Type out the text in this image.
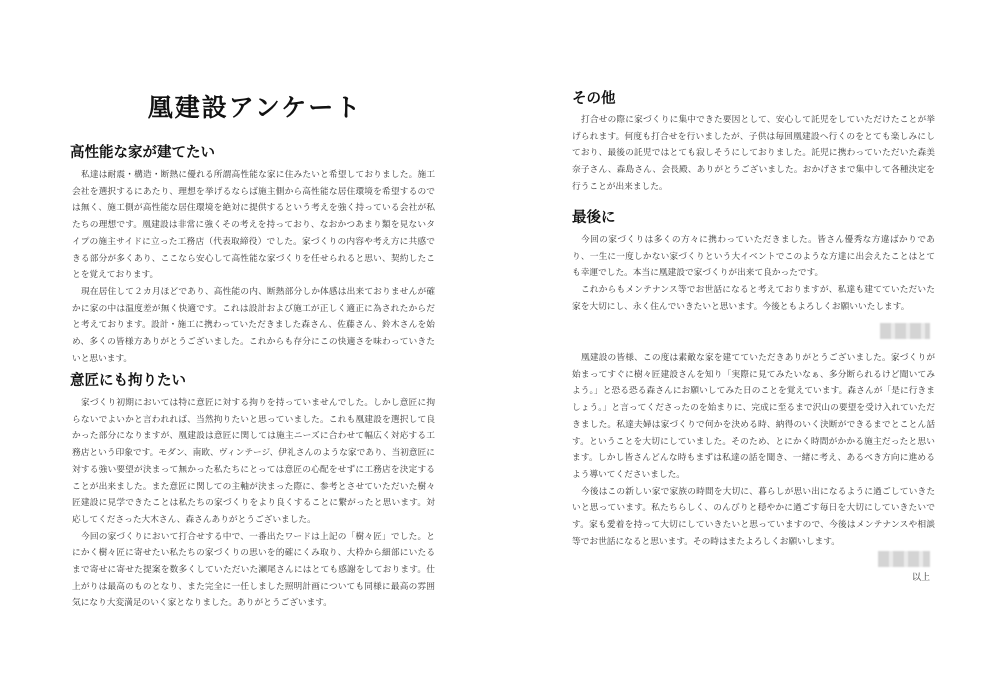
凰建設アンケート
高性能な家が建てたい

私達は耐震・構造・断熱に優れる所謂高性能な家に住みたいと希望しておりました。施工会社を選択するにあたり、理想を挙げるならば施主側から高性能な居住環境を希望するのでは無く、施工側が高性能な居住環境を絶対に提供するという考えを強く持っている会社が私たちの理想です。凰建設は非常に強くその考えを持っており、なおかつあまり類を見ないタイプの施主サイドに立った工務店（代表取締役）でした。家づくりの内容や考え方に共感できる部分が多くあり、ここなら安心して高性能な家づくりを任せられると思い、契約したことを覚えております。

現在居住して２カ月ほどであり、高性能の内、断熱部分しか体感は出来ておりませんが確かに家の中は温度差が無く快適です。これは設計および施工が正しく適正に為されたからだと考えております。設計・施工に携わっていただきました森さん、佐藤さん、鈴木さんを始め、多くの皆様方ありがとうございました。これからも存分にこの快適さを味わっていきたいと思います。

意匠にも拘りたい

家づくり初期においては特に意匠に対する拘りを持っていませんでした。しかし意匠に拘らないでよいかと言われれば、当然拘りたいと思っていました。これも凰建設を選択して良かった部分になりますが、凰建設は意匠に関しては施主ニーズに合わせて幅広く対応する工務店という印象です。モダン、南欧、ヴィンテージ、伊礼さんのような家であり、当初意匠に対する強い要望が決まって無かった私たちにとっては意匠の心配をせずに工務店を決定することが出来ました。また意匠に関しての主軸が決まった際に、参考とさせていただいた樹々匠建設に見学できたことは私たちの家づくりをより良くすることに繋がったと思います。対応してくださった大木さん、森さんありがとうございました。

今回の家づくりにおいて打合せする中で、一番出たワードは上記の「樹々匠」でした。とにかく樹々匠に寄せたい私たちの家づくりの思いを的確にくみ取り、大枠から細部にいたるまで寄せに寄せた提案を数多くしていただいた瀬尾さんにはとても感謝をしております。仕上がりは最高のものとなり、また完全に一任しました照明計画についても同様に最高の雰囲気になり大変満足のいく家となりました。ありがとうございます。

その他

打合せの際に家づくりに集中できた要因として、安心して託児をしていただけたことが挙げられます。何度も打合せを行いましたが、子供は毎回凰建設へ行くのをとても楽しみにしており、最後の託児ではとても寂しそうにしておりました。託児に携わっていただいた森美奈子さん、森島さん、会長殿、ありがとうございました。おかげさまで集中して各種決定を行うことが出来ました。

最後に

今回の家づくりは多くの方々に携わっていただきました。皆さん優秀な方違ばかりであり、一生に一度しかない家づくりという大イベントでこのような方達に出会えたことはとても幸運でした。本当に凰建設で家づくりが出来て良かったです。

これからもメンテナンス等でお世話になると考えておりますが、私達も建てていただいた家を大切にし、永く住んでいきたいと思います。今後ともよろしくお願いいたします。

凰建設の皆様、この度は素敵な家を建てていただきありがとうございました。家づくりが始まってすぐに樹々匠建設さんを知り「実際に見てみたいなぁ、多分断られるけど聞いてみよう。」と恐る恐る森さんにお願いしてみた日のことを覚えています。森さんが「是に行きましょう。」と言ってくださったのを始まりに、完成に至るまで沢山の要望を受け入れていただきました。私達夫婦は家づくりで何かを決める時、納得のいく決断ができるまでとことん話す。ということを大切にしていました。そのため、とにかく時間がかかる施主だったと思います。しかし皆さんどんな時もまずは私達の話を聞き、一緒に考え、あるべき方向に進めるよう導いてくださいました。

今後はこの新しい家で家族の時間を大切に、暮らしが思い出になるように過ごしていきたいと思っています。私たちらしく、のんびりと穏やかに過ごす毎日を大切にしていきたいです。家も愛着を持って大切にしていきたいと思っていますので、今後はメンテナンスや相談等でお世話になると思います。その時はまたよろしくお願いします。

以上
